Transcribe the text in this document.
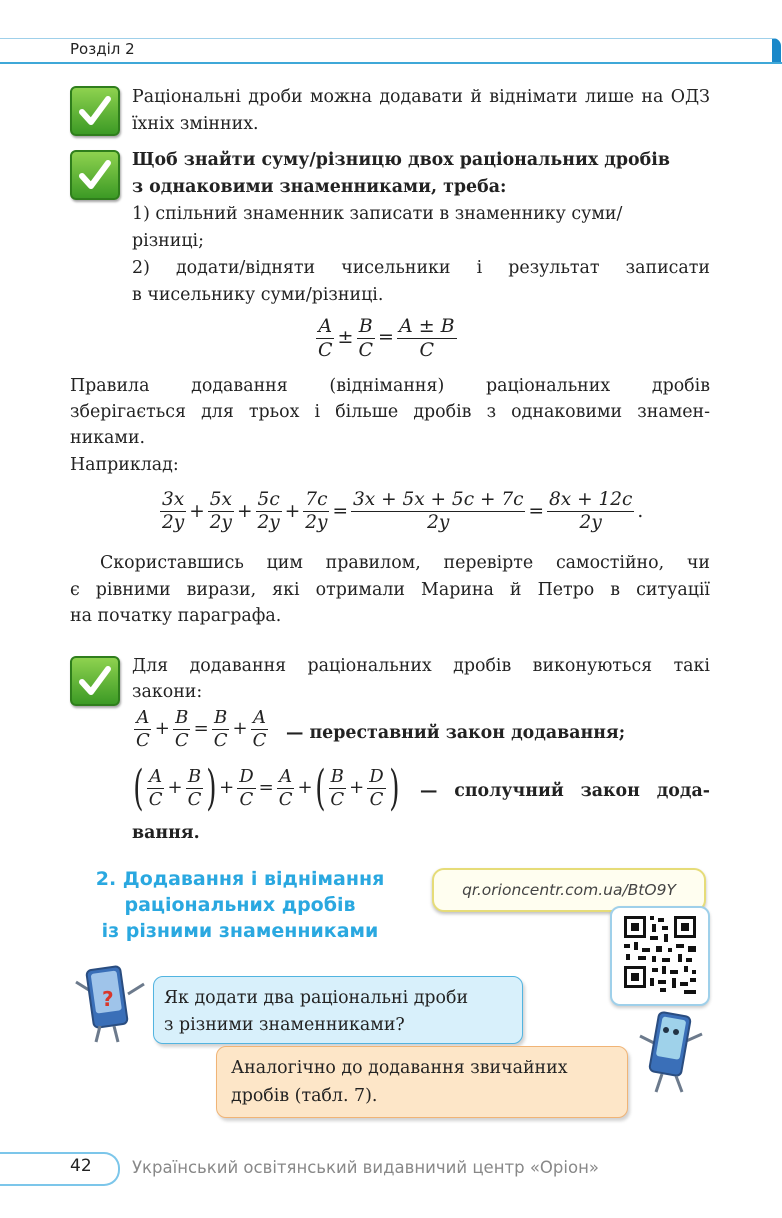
Розділ 2
Раціональні дроби можна додавати й віднімати лише на ОДЗ їхніх змінних.
Щоб знайти суму/різницю двох раціональних дробів
з однаковими знаменниками, треба:
1) спільний знаменник записати в знаменнику суми/
різниці;
2) додати/відняти чисельники і результат записати
в чисельнику суми/різниці.
$\frac{A}{C} \pm \frac{B}{C} = \frac{A \pm B}{C}$
Правила додавання (віднімання) раціональних дробів
зберігається для трьох і більше дробів з однаковими знамен-
никами.
Наприклад:
$\frac{3x}{2y} + \frac{5x}{2y} + \frac{5c}{2y} + \frac{7c}{2y} = \frac{3x + 5x + 5c + 7c}{2y} = \frac{8x + 12c}{2y}$ .
Скориставшись цим правилом, перевірте самостійно, чи
є рівними вирази, які отримали Марина й Петро в ситуації
на початку параграфа.
Для додавання раціональних дробів виконуються такі
закони:
$\frac{A}{C} + \frac{B}{C} = \frac{B}{C} + \frac{A}{C}$ — переставний закон додавання;
( $\frac{A}{C} + \frac{B}{C}$ ) + $\frac{D}{C} = \frac{A}{C}$ +( $\frac{B}{C} + \frac{D}{C}$ ) — сполучний закон дода-
вання.
2. Додавання і віднімання
раціональних дробів
із різними знаменниками
qr.orioncentr.com.ua/BtO9Y
?	Як додати два раціональні дроби
з різними знаменниками?
Аналогічно до додавання звичайних
дробів (табл. 7).
42 Український освітянський видавничий центр «Оріон»
